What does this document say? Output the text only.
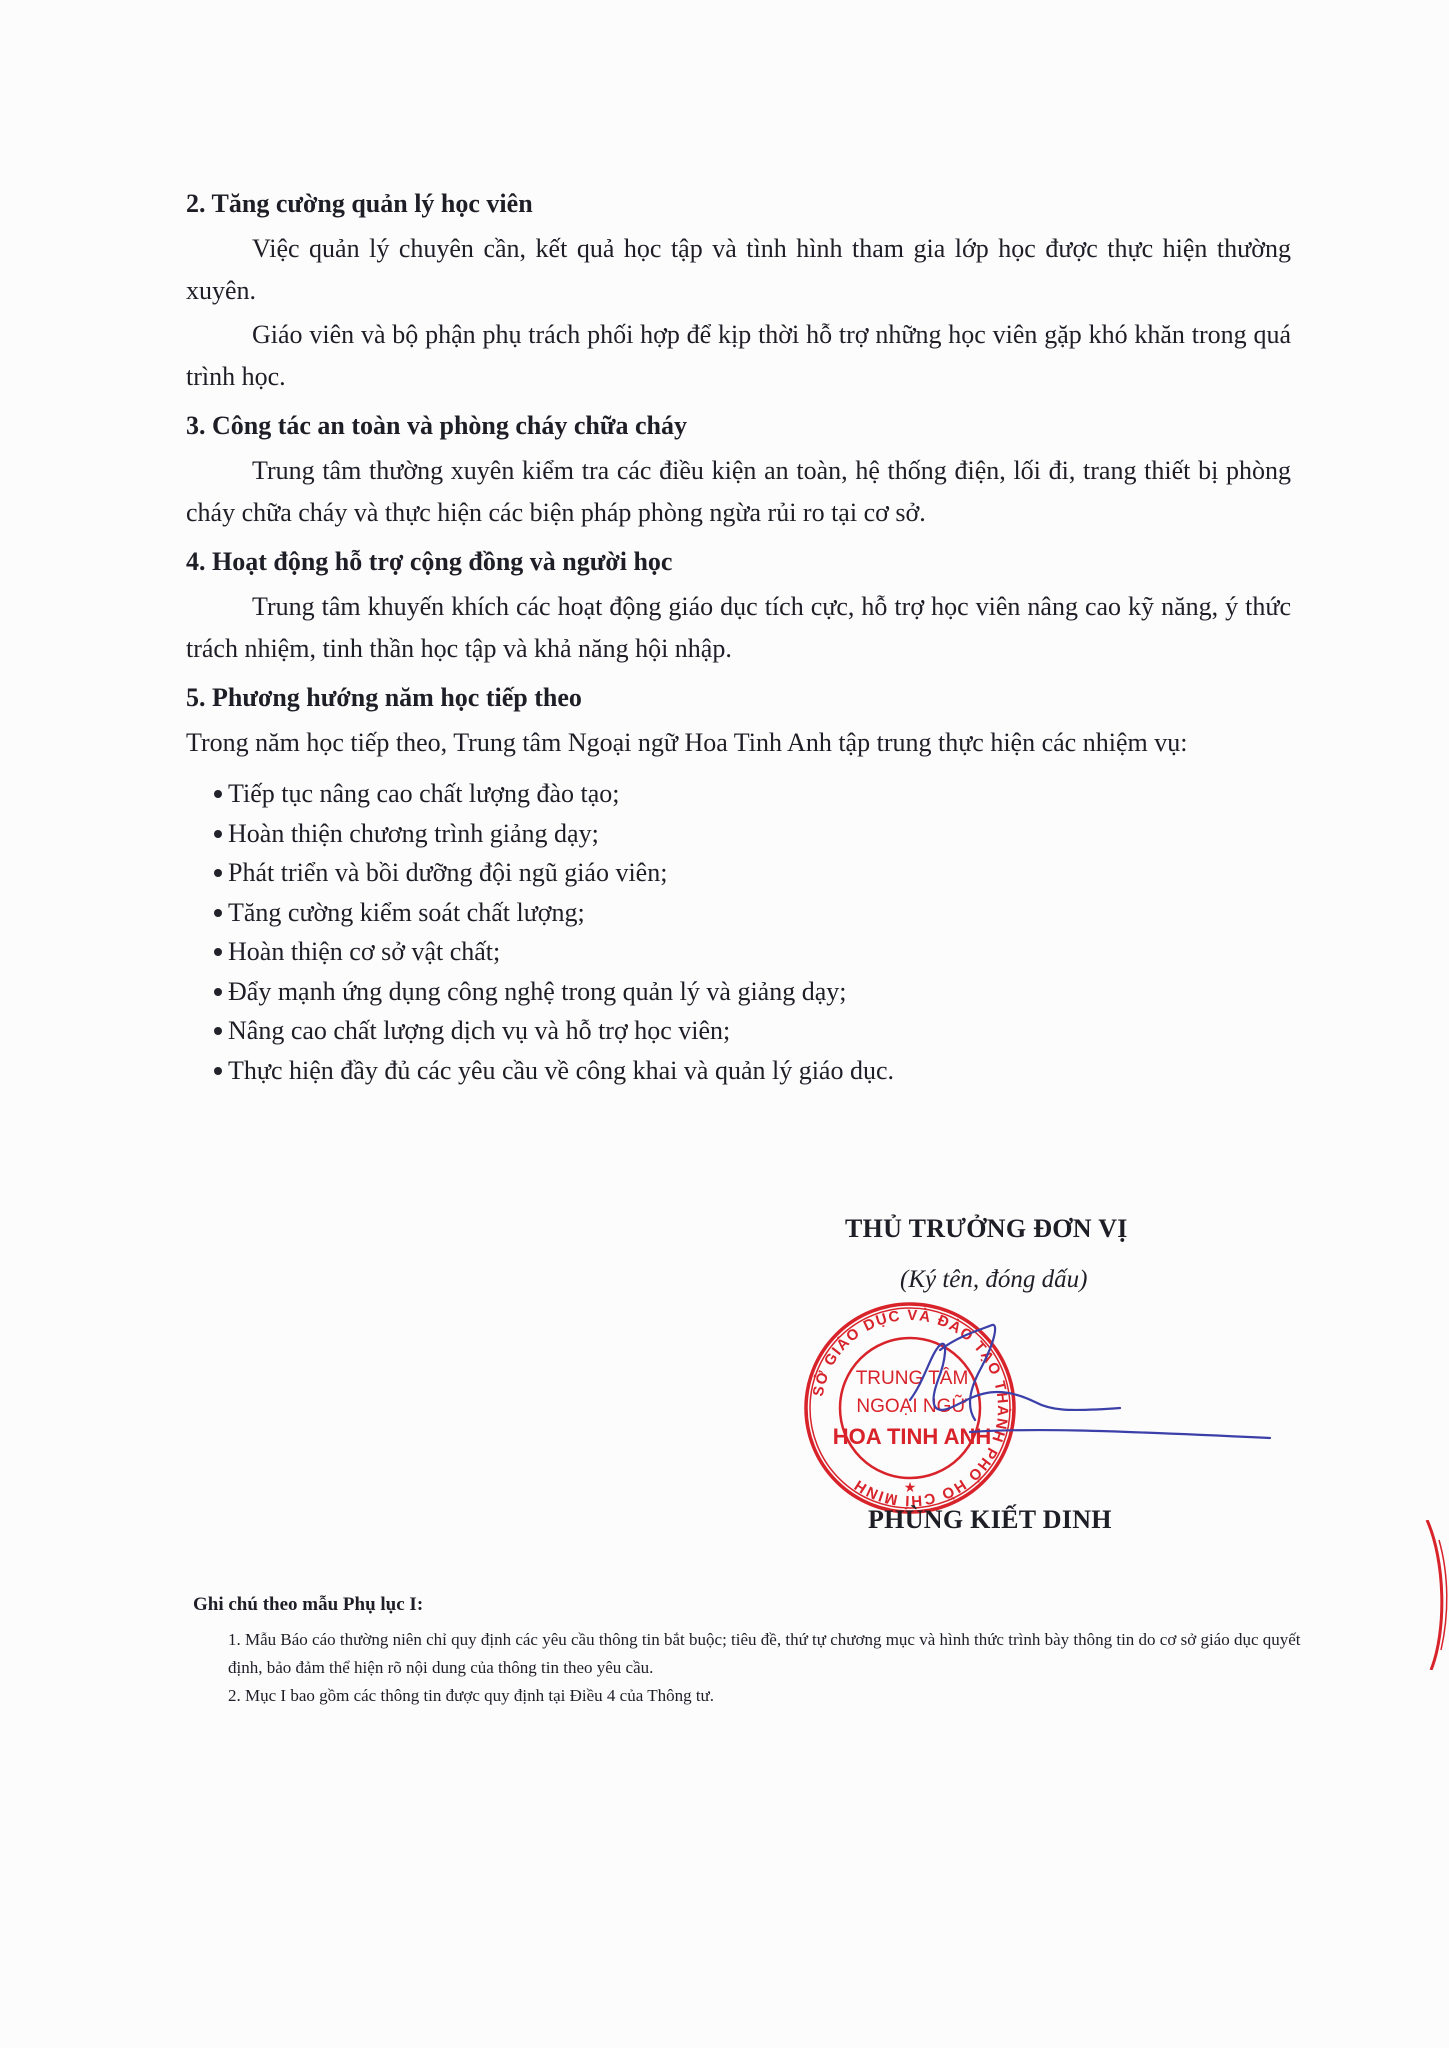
2. Tăng cường quản lý học viên

Việc quản lý chuyên cần, kết quả học tập và tình hình tham gia lớp học được thực hiện thường xuyên.

Giáo viên và bộ phận phụ trách phối hợp để kịp thời hỗ trợ những học viên gặp khó khăn trong quá trình học.

3. Công tác an toàn và phòng cháy chữa cháy

Trung tâm thường xuyên kiểm tra các điều kiện an toàn, hệ thống điện, lối đi, trang thiết bị phòng cháy chữa cháy và thực hiện các biện pháp phòng ngừa rủi ro tại cơ sở.

4. Hoạt động hỗ trợ cộng đồng và người học

Trung tâm khuyến khích các hoạt động giáo dục tích cực, hỗ trợ học viên nâng cao kỹ năng, ý thức trách nhiệm, tinh thần học tập và khả năng hội nhập.

5. Phương hướng năm học tiếp theo

Trong năm học tiếp theo, Trung tâm Ngoại ngữ Hoa Tinh Anh tập trung thực hiện các nhiệm vụ:

Tiếp tục nâng cao chất lượng đào tạo;
Hoàn thiện chương trình giảng dạy;
Phát triển và bồi dưỡng đội ngũ giáo viên;
Tăng cường kiểm soát chất lượng;
Hoàn thiện cơ sở vật chất;
Đẩy mạnh ứng dụng công nghệ trong quản lý và giảng dạy;
Nâng cao chất lượng dịch vụ và hỗ trợ học viên;
Thực hiện đầy đủ các yêu cầu về công khai và quản lý giáo dục.
THỦ TRƯỞNG ĐƠN VỊ
(Ký tên, đóng dấu)
SỞ GIÁO DỤC VÀ ĐÀO TẠO THÀNH PHỐ HỒ CHÍ MINH
TRUNG TÂM
NGOẠI NGỮ
HOA TINH ANH
★
PHÙNG KIẾT DINH
Ghi chú theo mẫu Phụ lục I:
1. Mẫu Báo cáo thường niên chỉ quy định các yêu cầu thông tin bắt buộc; tiêu đề, thứ tự chương mục và hình thức trình bày thông tin do cơ sở giáo dục quyết định, bảo đảm thể hiện rõ nội dung của thông tin theo yêu cầu.
2. Mục I bao gồm các thông tin được quy định tại Điều 4 của Thông tư.
